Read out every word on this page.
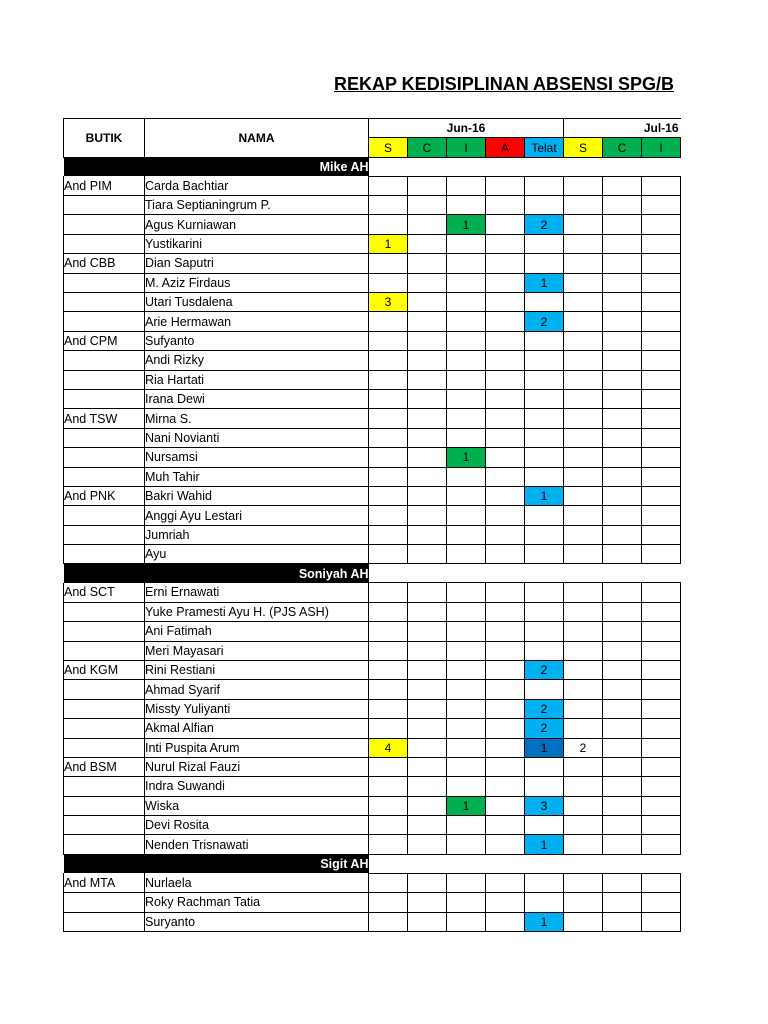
REKAP KEDISIPLINAN ABSENSI SPG/B
BUTIK	NAMA	Jun-16					Jul-16		
		S	C	I	A	Telat	S	C	I
Mike AH									
And PIM	Carda Bachtiar								
	Tiara Septianingrum P.								
	Agus Kurniawan			1		2			
	Yustikarini	1							
And CBB	Dian Saputri								
	M. Aziz Firdaus					1			
	Utari Tusdalena	3							
	Arie Hermawan					2			
And CPM	Sufyanto								
	Andi Rizky								
	Ria Hartati								
	Irana Dewi								
And TSW	Mirna S.								
	Nani Novianti								
	Nursamsi			1					
	Muh Tahir								
And PNK	Bakri Wahid					1			
	Anggi Ayu Lestari								
	Jumriah								
	Ayu								
Soniyah AH									
And SCT	Erni Ernawati								
	Yuke Pramesti Ayu H. (PJS ASH)								
	Ani Fatimah								
	Meri Mayasari								
And KGM	Rini Restiani					2			
	Ahmad Syarif								
	Missty Yuliyanti					2			
	Akmal Alfian					2			
	Inti Puspita Arum	4				1	2		
And BSM	Nurul Rizal Fauzi								
	Indra Suwandi								
	Wiska			1		3			
	Devi Rosita								
	Nenden Trisnawati					1			
Sigit AH									
And MTA	Nurlaela								
	Roky Rachman Tatia								
	Suryanto					1			
